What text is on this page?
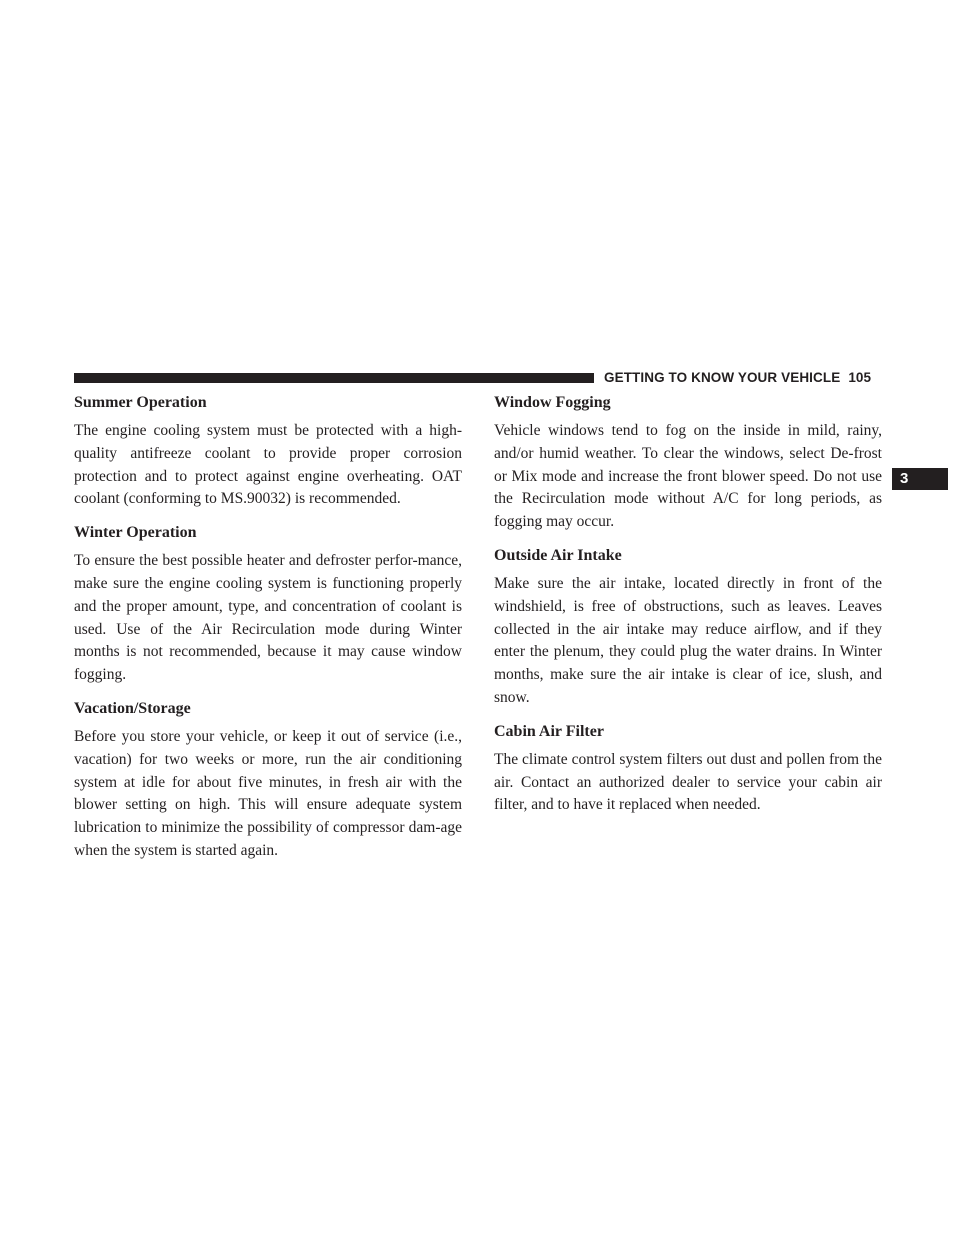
GETTING TO KNOW YOUR VEHICLE 105
3
Summer Operation

The engine cooling system must be protected with a high-quality antifreeze coolant to provide proper corrosion protection and to protect against engine overheating. OAT coolant (conforming to MS.90032) is recommended.

Winter Operation

To ensure the best possible heater and defroster perfor-mance, make sure the engine cooling system is functioning properly and the proper amount, type, and concentration of coolant is used. Use of the Air Recirculation mode during Winter months is not recommended, because it may cause window fogging.

Vacation/Storage

Before you store your vehicle, or keep it out of service (i.e., vacation) for two weeks or more, run the air conditioning system at idle for about five minutes, in fresh air with the blower setting on high. This will ensure adequate system lubrication to minimize the possibility of compressor dam-age when the system is started again.

Window Fogging

Vehicle windows tend to fog on the inside in mild, rainy, and/or humid weather. To clear the windows, select De-frost or Mix mode and increase the front blower speed. Do not use the Recirculation mode without A/C for long periods, as fogging may occur.

Outside Air Intake

Make sure the air intake, located directly in front of the windshield, is free of obstructions, such as leaves. Leaves collected in the air intake may reduce airflow, and if they enter the plenum, they could plug the water drains. In Winter months, make sure the air intake is clear of ice, slush, and snow.

Cabin Air Filter

The climate control system filters out dust and pollen from the air. Contact an authorized dealer to service your cabin air filter, and to have it replaced when needed.
